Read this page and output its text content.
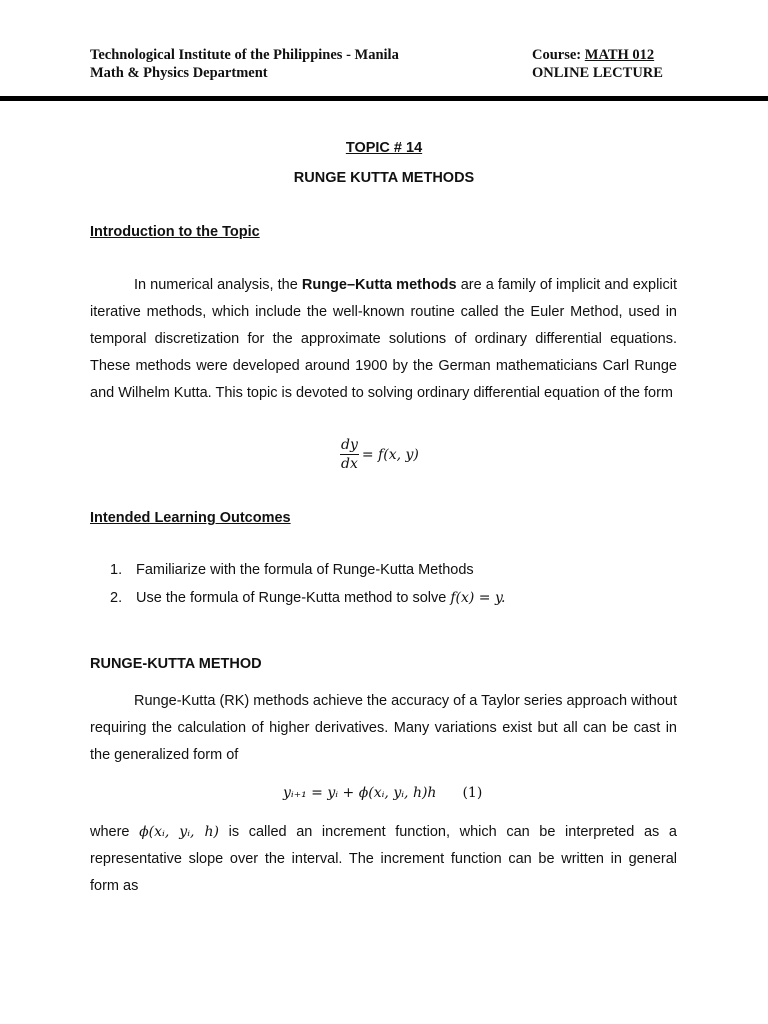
Technological Institute of the Philippines - Manila
Math & Physics Department
Course: MATH 012
ONLINE LECTURE
TOPIC # 14
RUNGE KUTTA METHODS
Introduction to the Topic

In numerical analysis, the Runge–Kutta methods are a family of implicit and explicit iterative methods, which include the well-known routine called the Euler Method, used in temporal discretization for the approximate solutions of ordinary differential equations. These methods were developed around 1900 by the German mathematicians Carl Runge and Wilhelm Kutta. This topic is devoted to solving ordinary differential equation of the form

$\frac{dy}{dx} = f(x$, y)
Intended Learning Outcomes
1. Familiarize with the formula of Runge-Kutta Methods
2. Use the formula of Runge-Kutta method to solve f(x) = y.
RUNGE-KUTTA METHOD

Runge-Kutta (RK) methods achieve the accuracy of a Taylor series approach without requiring the calculation of higher derivatives. Many variations exist but all can be cast in the generalized form of

yᵢ₊₁ = yᵢ + ϕ(xᵢ, yᵢ, h)h (1)

where ϕ(xᵢ, yᵢ, h) is called an increment function, which can be interpreted as a representative slope over the interval. The increment function can be written in general form as
